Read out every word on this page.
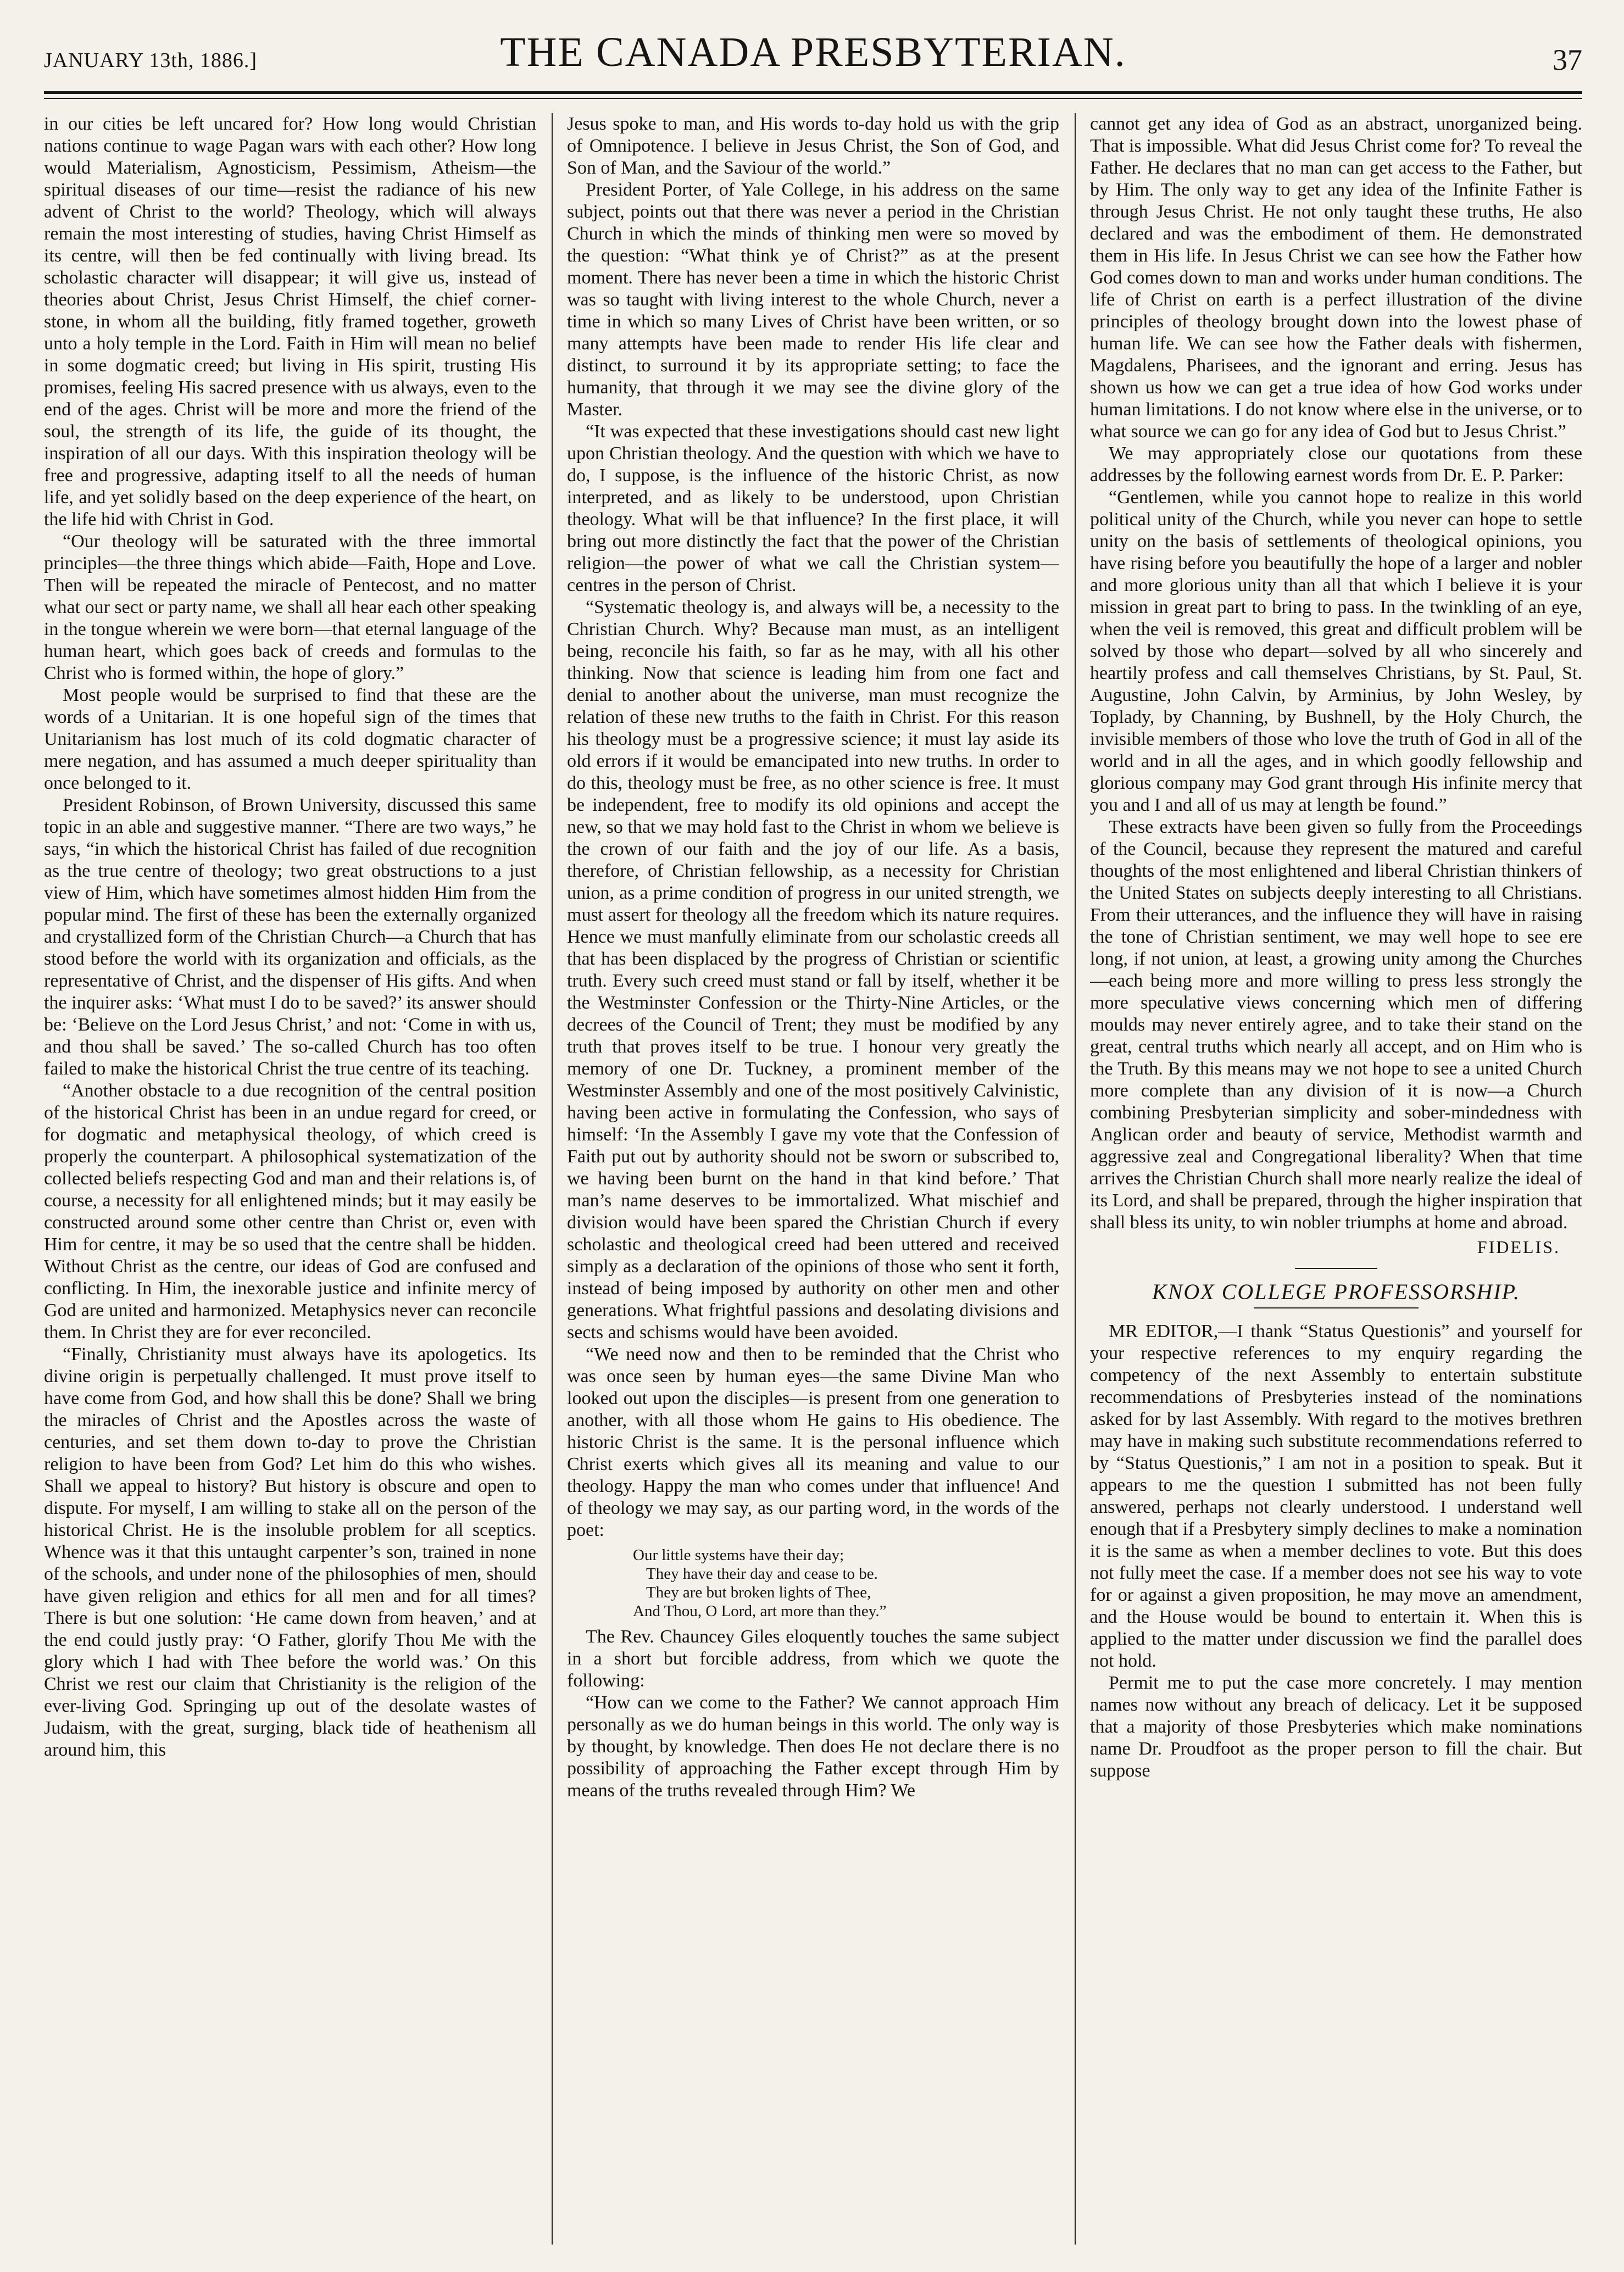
JANUARY 13th, 1886.]	THE CANADA PRESBYTERIAN.	37

in our cities be left uncared for? How long would Christian nations continue to wage Pagan wars with each other? How long would Materialism, Agnosticism, Pessimism, Atheism—the spiritual diseases of our time—resist the radiance of his new advent of Christ to the world? Theology, which will always remain the most interesting of studies, having Christ Himself as its centre, will then be fed continually with living bread. Its scholastic character will disappear; it will give us, instead of theories about Christ, Jesus Christ Himself, the chief corner-stone, in whom all the building, fitly framed together, groweth unto a holy temple in the Lord. Faith in Him will mean no belief in some dogmatic creed; but living in His spirit, trusting His promises, feeling His sacred presence with us always, even to the end of the ages. Christ will be more and more the friend of the soul, the strength of its life, the guide of its thought, the inspiration of all our days. With this inspiration theology will be free and progressive, adapting itself to all the needs of human life, and yet solidly based on the deep experience of the heart, on the life hid with Christ in God.

“Our theology will be saturated with the three immortal principles—the three things which abide—Faith, Hope and Love. Then will be repeated the miracle of Pentecost, and no matter what our sect or party name, we shall all hear each other speaking in the tongue wherein we were born—that eternal language of the human heart, which goes back of creeds and formulas to the Christ who is formed within, the hope of glory.”

Most people would be surprised to find that these are the words of a Unitarian. It is one hopeful sign of the times that Unitarianism has lost much of its cold dogmatic character of mere negation, and has assumed a much deeper spirituality than once belonged to it.

President Robinson, of Brown University, discussed this same topic in an able and suggestive manner. “There are two ways,” he says, “in which the historical Christ has failed of due recognition as the true centre of theology; two great obstructions to a just view of Him, which have sometimes almost hidden Him from the popular mind. The first of these has been the externally organized and crystallized form of the Christian Church—a Church that has stood before the world with its organization and officials, as the representative of Christ, and the dispenser of His gifts. And when the inquirer asks: ‘What must I do to be saved?’ its answer should be: ‘Believe on the Lord Jesus Christ,’ and not: ‘Come in with us, and thou shall be saved.’ The so-called Church has too often failed to make the historical Christ the true centre of its teaching.

“Another obstacle to a due recognition of the central position of the historical Christ has been in an undue regard for creed, or for dogmatic and metaphysical theology, of which creed is properly the counterpart. A philosophical systematization of the collected beliefs respecting God and man and their relations is, of course, a necessity for all enlightened minds; but it may easily be constructed around some other centre than Christ or, even with Him for centre, it may be so used that the centre shall be hidden. Without Christ as the centre, our ideas of God are confused and conflicting. In Him, the inexorable justice and infinite mercy of God are united and harmonized. Metaphysics never can reconcile them. In Christ they are for ever reconciled.

“Finally, Christianity must always have its apologetics. Its divine origin is perpetually challenged. It must prove itself to have come from God, and how shall this be done? Shall we bring the miracles of Christ and the Apostles across the waste of centuries, and set them down to-day to prove the Christian religion to have been from God? Let him do this who wishes. Shall we appeal to history? But history is obscure and open to dispute. For myself, I am willing to stake all on the person of the historical Christ. He is the insoluble problem for all sceptics. Whence was it that this untaught carpenter’s son, trained in none of the schools, and under none of the philosophies of men, should have given religion and ethics for all men and for all times? There is but one solution: ‘He came down from heaven,’ and at the end could justly pray: ‘O Father, glorify Thou Me with the glory which I had with Thee before the world was.’ On this Christ we rest our claim that Christianity is the religion of the ever-living God. Springing up out of the desolate wastes of Judaism, with the great, surging, black tide of heathenism all around him, this

Jesus spoke to man, and His words to-day hold us with the grip of Omnipotence. I believe in Jesus Christ, the Son of God, and Son of Man, and the Saviour of the world.”

President Porter, of Yale College, in his address on the same subject, points out that there was never a period in the Christian Church in which the minds of thinking men were so moved by the question: “What think ye of Christ?” as at the present moment. There has never been a time in which the historic Christ was so taught with living interest to the whole Church, never a time in which so many Lives of Christ have been written, or so many attempts have been made to render His life clear and distinct, to surround it by its appropriate setting; to face the humanity, that through it we may see the divine glory of the Master.

“It was expected that these investigations should cast new light upon Christian theology. And the question with which we have to do, I suppose, is the influence of the historic Christ, as now interpreted, and as likely to be understood, upon Christian theology. What will be that influence? In the first place, it will bring out more distinctly the fact that the power of the Christian religion—the power of what we call the Christian system—centres in the person of Christ.

“Systematic theology is, and always will be, a necessity to the Christian Church. Why? Because man must, as an intelligent being, reconcile his faith, so far as he may, with all his other thinking. Now that science is leading him from one fact and denial to another about the universe, man must recognize the relation of these new truths to the faith in Christ. For this reason his theology must be a progressive science; it must lay aside its old errors if it would be emancipated into new truths. In order to do this, theology must be free, as no other science is free. It must be independent, free to modify its old opinions and accept the new, so that we may hold fast to the Christ in whom we believe is the crown of our faith and the joy of our life. As a basis, therefore, of Christian fellowship, as a necessity for Christian union, as a prime condition of progress in our united strength, we must assert for theology all the freedom which its nature requires. Hence we must manfully eliminate from our scholastic creeds all that has been displaced by the progress of Christian or scientific truth. Every such creed must stand or fall by itself, whether it be the Westminster Confession or the Thirty-Nine Articles, or the decrees of the Council of Trent; they must be modified by any truth that proves itself to be true. I honour very greatly the memory of one Dr. Tuckney, a prominent member of the Westminster Assembly and one of the most positively Calvinistic, having been active in formulating the Confession, who says of himself: ‘In the Assembly I gave my vote that the Confession of Faith put out by authority should not be sworn or subscribed to, we having been burnt on the hand in that kind before.’ That man’s name deserves to be immortalized. What mischief and division would have been spared the Christian Church if every scholastic and theological creed had been uttered and received simply as a declaration of the opinions of those who sent it forth, instead of being imposed by authority on other men and other generations. What frightful passions and desolating divisions and sects and schisms would have been avoided.

“We need now and then to be reminded that the Christ who was once seen by human eyes—the same Divine Man who looked out upon the disciples—is present from one generation to another, with all those whom He gains to His obedience. The historic Christ is the same. It is the personal influence which Christ exerts which gives all its meaning and value to our theology. Happy the man who comes under that influence! And of theology we may say, as our parting word, in the words of the poet:

Our little systems have their day;
They have their day and cease to be.
They are but broken lights of Thee,
And Thou, O Lord, art more than they.”

The Rev. Chauncey Giles eloquently touches the same subject in a short but forcible address, from which we quote the following:

“How can we come to the Father? We cannot approach Him personally as we do human beings in this world. The only way is by thought, by knowledge. Then does He not declare there is no possibility of approaching the Father except through Him by means of the truths revealed through Him? We

cannot get any idea of God as an abstract, unorganized being. That is impossible. What did Jesus Christ come for? To reveal the Father. He declares that no man can get access to the Father, but by Him. The only way to get any idea of the Infinite Father is through Jesus Christ. He not only taught these truths, He also declared and was the embodiment of them. He demonstrated them in His life. In Jesus Christ we can see how the Father how God comes down to man and works under human conditions. The life of Christ on earth is a perfect illustration of the divine principles of theology brought down into the lowest phase of human life. We can see how the Father deals with fishermen, Magdalens, Pharisees, and the ignorant and erring. Jesus has shown us how we can get a true idea of how God works under human limitations. I do not know where else in the universe, or to what source we can go for any idea of God but to Jesus Christ.”

We may appropriately close our quotations from these addresses by the following earnest words from Dr. E. P. Parker:

“Gentlemen, while you cannot hope to realize in this world political unity of the Church, while you never can hope to settle unity on the basis of settlements of theological opinions, you have rising before you beautifully the hope of a larger and nobler and more glorious unity than all that which I believe it is your mission in great part to bring to pass. In the twinkling of an eye, when the veil is removed, this great and difficult problem will be solved by those who depart—solved by all who sincerely and heartily profess and call themselves Christians, by St. Paul, St. Augustine, John Calvin, by Arminius, by John Wesley, by Toplady, by Channing, by Bushnell, by the Holy Church, the invisible members of those who love the truth of God in all of the world and in all the ages, and in which goodly fellowship and glorious company may God grant through His infinite mercy that you and I and all of us may at length be found.”

These extracts have been given so fully from the Proceedings of the Council, because they represent the matured and careful thoughts of the most enlightened and liberal Christian thinkers of the United States on subjects deeply interesting to all Christians. From their utterances, and the influence they will have in raising the tone of Christian sentiment, we may well hope to see ere long, if not union, at least, a growing unity among the Churches—each being more and more willing to press less strongly the more speculative views concerning which men of differing moulds may never entirely agree, and to take their stand on the great, central truths which nearly all accept, and on Him who is the Truth. By this means may we not hope to see a united Church more complete than any division of it is now—a Church combining Presbyterian simplicity and sober-mindedness with Anglican order and beauty of service, Methodist warmth and aggressive zeal and Congregational liberality? When that time arrives the Christian Church shall more nearly realize the ideal of its Lord, and shall be prepared, through the higher inspiration that shall bless its unity, to win nobler triumphs at home and abroad.

FIDELIS.
KNOX COLLEGE PROFESSORSHIP.

MR EDITOR,—I thank “Status Questionis” and yourself for your respective references to my enquiry regarding the competency of the next Assembly to entertain substitute recommendations of Presbyteries instead of the nominations asked for by last Assembly. With regard to the motives brethren may have in making such substitute recommendations referred to by “Status Questionis,” I am not in a position to speak. But it appears to me the question I submitted has not been fully answered, perhaps not clearly understood. I understand well enough that if a Presbytery simply declines to make a nomination it is the same as when a member declines to vote. But this does not fully meet the case. If a member does not see his way to vote for or against a given proposition, he may move an amendment, and the House would be bound to entertain it. When this is applied to the matter under discussion we find the parallel does not hold.

Permit me to put the case more concretely. I may mention names now without any breach of delicacy. Let it be supposed that a majority of those Presbyteries which make nominations name Dr. Proudfoot as the proper person to fill the chair. But suppose
